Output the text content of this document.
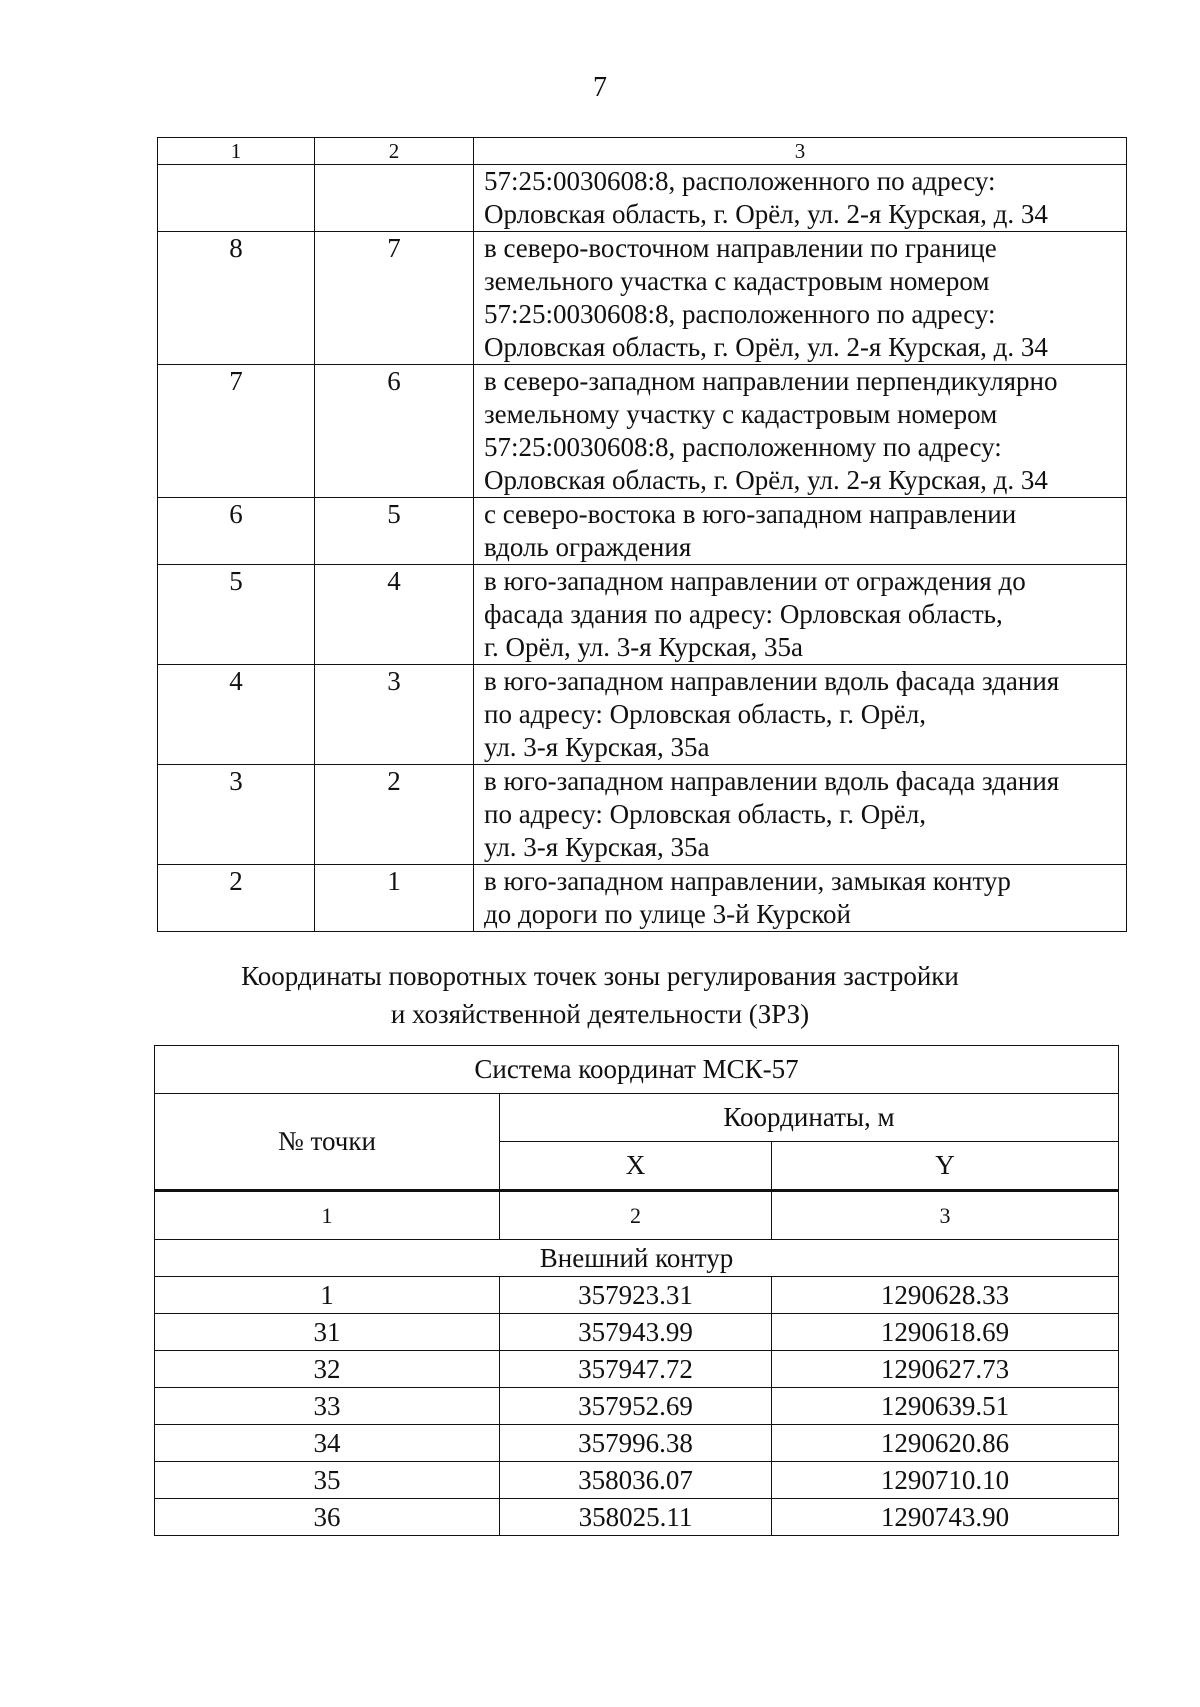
7
1	2	3

		57:25:0030608:8, расположенного по адресу:
Орловская область, г. Орёл, ул. 2-я Курская, д. 34

8	7	в северо-восточном направлении по границе
земельного участка с кадастровым номером
57:25:0030608:8, расположенного по адресу:
Орловская область, г. Орёл, ул. 2-я Курская, д. 34

7	6	в северо-западном направлении перпендикулярно
земельному участку с кадастровым номером
57:25:0030608:8, расположенному по адресу:
Орловская область, г. Орёл, ул. 2-я Курская, д. 34

6	5	с северо-востока в юго-западном направлении
вдоль ограждения

5	4	в юго-западном направлении от ограждения до
фасада здания по адресу: Орловская область,
г. Орёл, ул. 3-я Курская, 35а

4	3	в юго-западном направлении вдоль фасада здания
по адресу: Орловская область, г. Орёл,
ул. 3-я Курская, 35а

3	2	в юго-западном направлении вдоль фасада здания
по адресу: Орловская область, г. Орёл,
ул. 3-я Курская, 35а

2	1	в юго-западном направлении, замыкая контур
до дороги по улице 3-й Курской
Координаты поворотных точек зоны регулирования застройки
и хозяйственной деятельности (ЗРЗ)
Система координат МСК-57		
№ точки	Координаты, м	
	X	Y
1	2	3
Внешний контур		
1	357923.31	1290628.33
31	357943.99	1290618.69
32	357947.72	1290627.73
33	357952.69	1290639.51
34	357996.38	1290620.86
35	358036.07	1290710.10
36	358025.11	1290743.90
